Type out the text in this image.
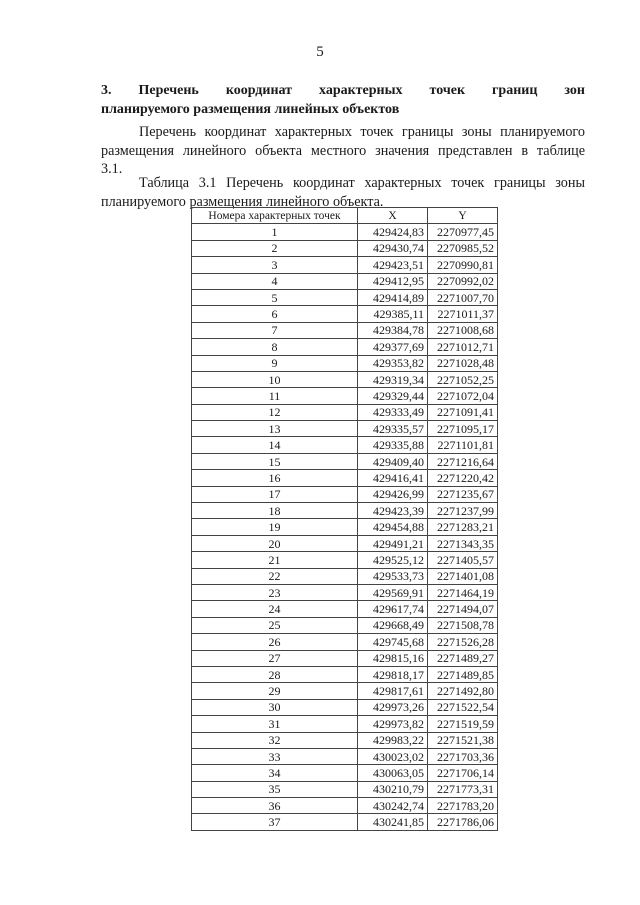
5
3. Перечень координат характерных точек границ зон
планируемого размещения линейных объектов
Перечень координат характерных точек границы зоны планируемого
размещения линейного объекта местного значения представлен в таблице
3.1.
Таблица 3.1 Перечень координат характерных точек границы зоны
планируемого размещения линейного объекта.
Номера характерных точек	X	Y
1	429424,83	2270977,45
2	429430,74	2270985,52
3	429423,51	2270990,81
4	429412,95	2270992,02
5	429414,89	2271007,70
6	429385,11	2271011,37
7	429384,78	2271008,68
8	429377,69	2271012,71
9	429353,82	2271028,48
10	429319,34	2271052,25
11	429329,44	2271072,04
12	429333,49	2271091,41
13	429335,57	2271095,17
14	429335,88	2271101,81
15	429409,40	2271216,64
16	429416,41	2271220,42
17	429426,99	2271235,67
18	429423,39	2271237,99
19	429454,88	2271283,21
20	429491,21	2271343,35
21	429525,12	2271405,57
22	429533,73	2271401,08
23	429569,91	2271464,19
24	429617,74	2271494,07
25	429668,49	2271508,78
26	429745,68	2271526,28
27	429815,16	2271489,27
28	429818,17	2271489,85
29	429817,61	2271492,80
30	429973,26	2271522,54
31	429973,82	2271519,59
32	429983,22	2271521,38
33	430023,02	2271703,36
34	430063,05	2271706,14
35	430210,79	2271773,31
36	430242,74	2271783,20
37	430241,85	2271786,06
